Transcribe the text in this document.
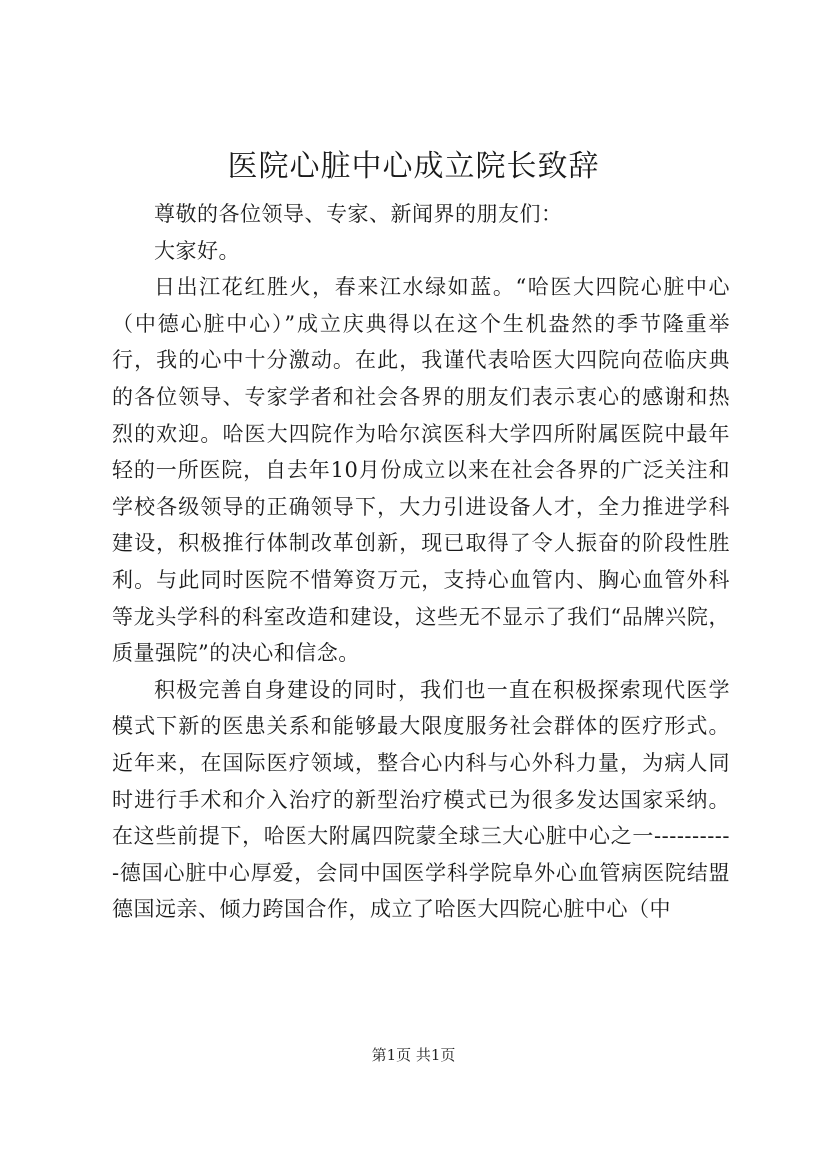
医院心脏中心成立院长致辞

尊敬的各位领导、专家、新闻界的朋友们：

大家好。

日出江花红胜火，春来江水绿如蓝。“哈医大四院心脏中心（中德心脏中心）”成立庆典得以在这个生机盎然的季节隆重举行，我的心中十分激动。在此，我谨代表哈医大四院向莅临庆典的各位领导、专家学者和社会各界的朋友们表示衷心的感谢和热烈的欢迎。哈医大四院作为哈尔滨医科大学四所附属医院中最年轻的一所医院，自去年10月份成立以来在社会各界的广泛关注和学校各级领导的正确领导下，大力引进设备人才，全力推进学科建设，积极推行体制改革创新，现已取得了令人振奋的阶段性胜利。与此同时医院不惜筹资万元，支持心血管内、胸心血管外科等龙头学科的科室改造和建设，这些无不显示了我们“品牌兴院，质量强院”的决心和信念。

积极完善自身建设的同时，我们也一直在积极探索现代医学模式下新的医患关系和能够最大限度服务社会群体的医疗形式。近年来，在国际医疗领域，整合心内科与心外科力量，为病人同时进行手术和介入治疗的新型治疗模式已为很多发达国家采纳。在这些前提下，哈医大附属四院蒙全球三大心脏中心之一-----------德国心脏中心厚爱，会同中国医学科学院阜外心血管病医院结盟德国远亲、倾力跨国合作，成立了哈医大四院心脏中心（中

第1页 共1页
